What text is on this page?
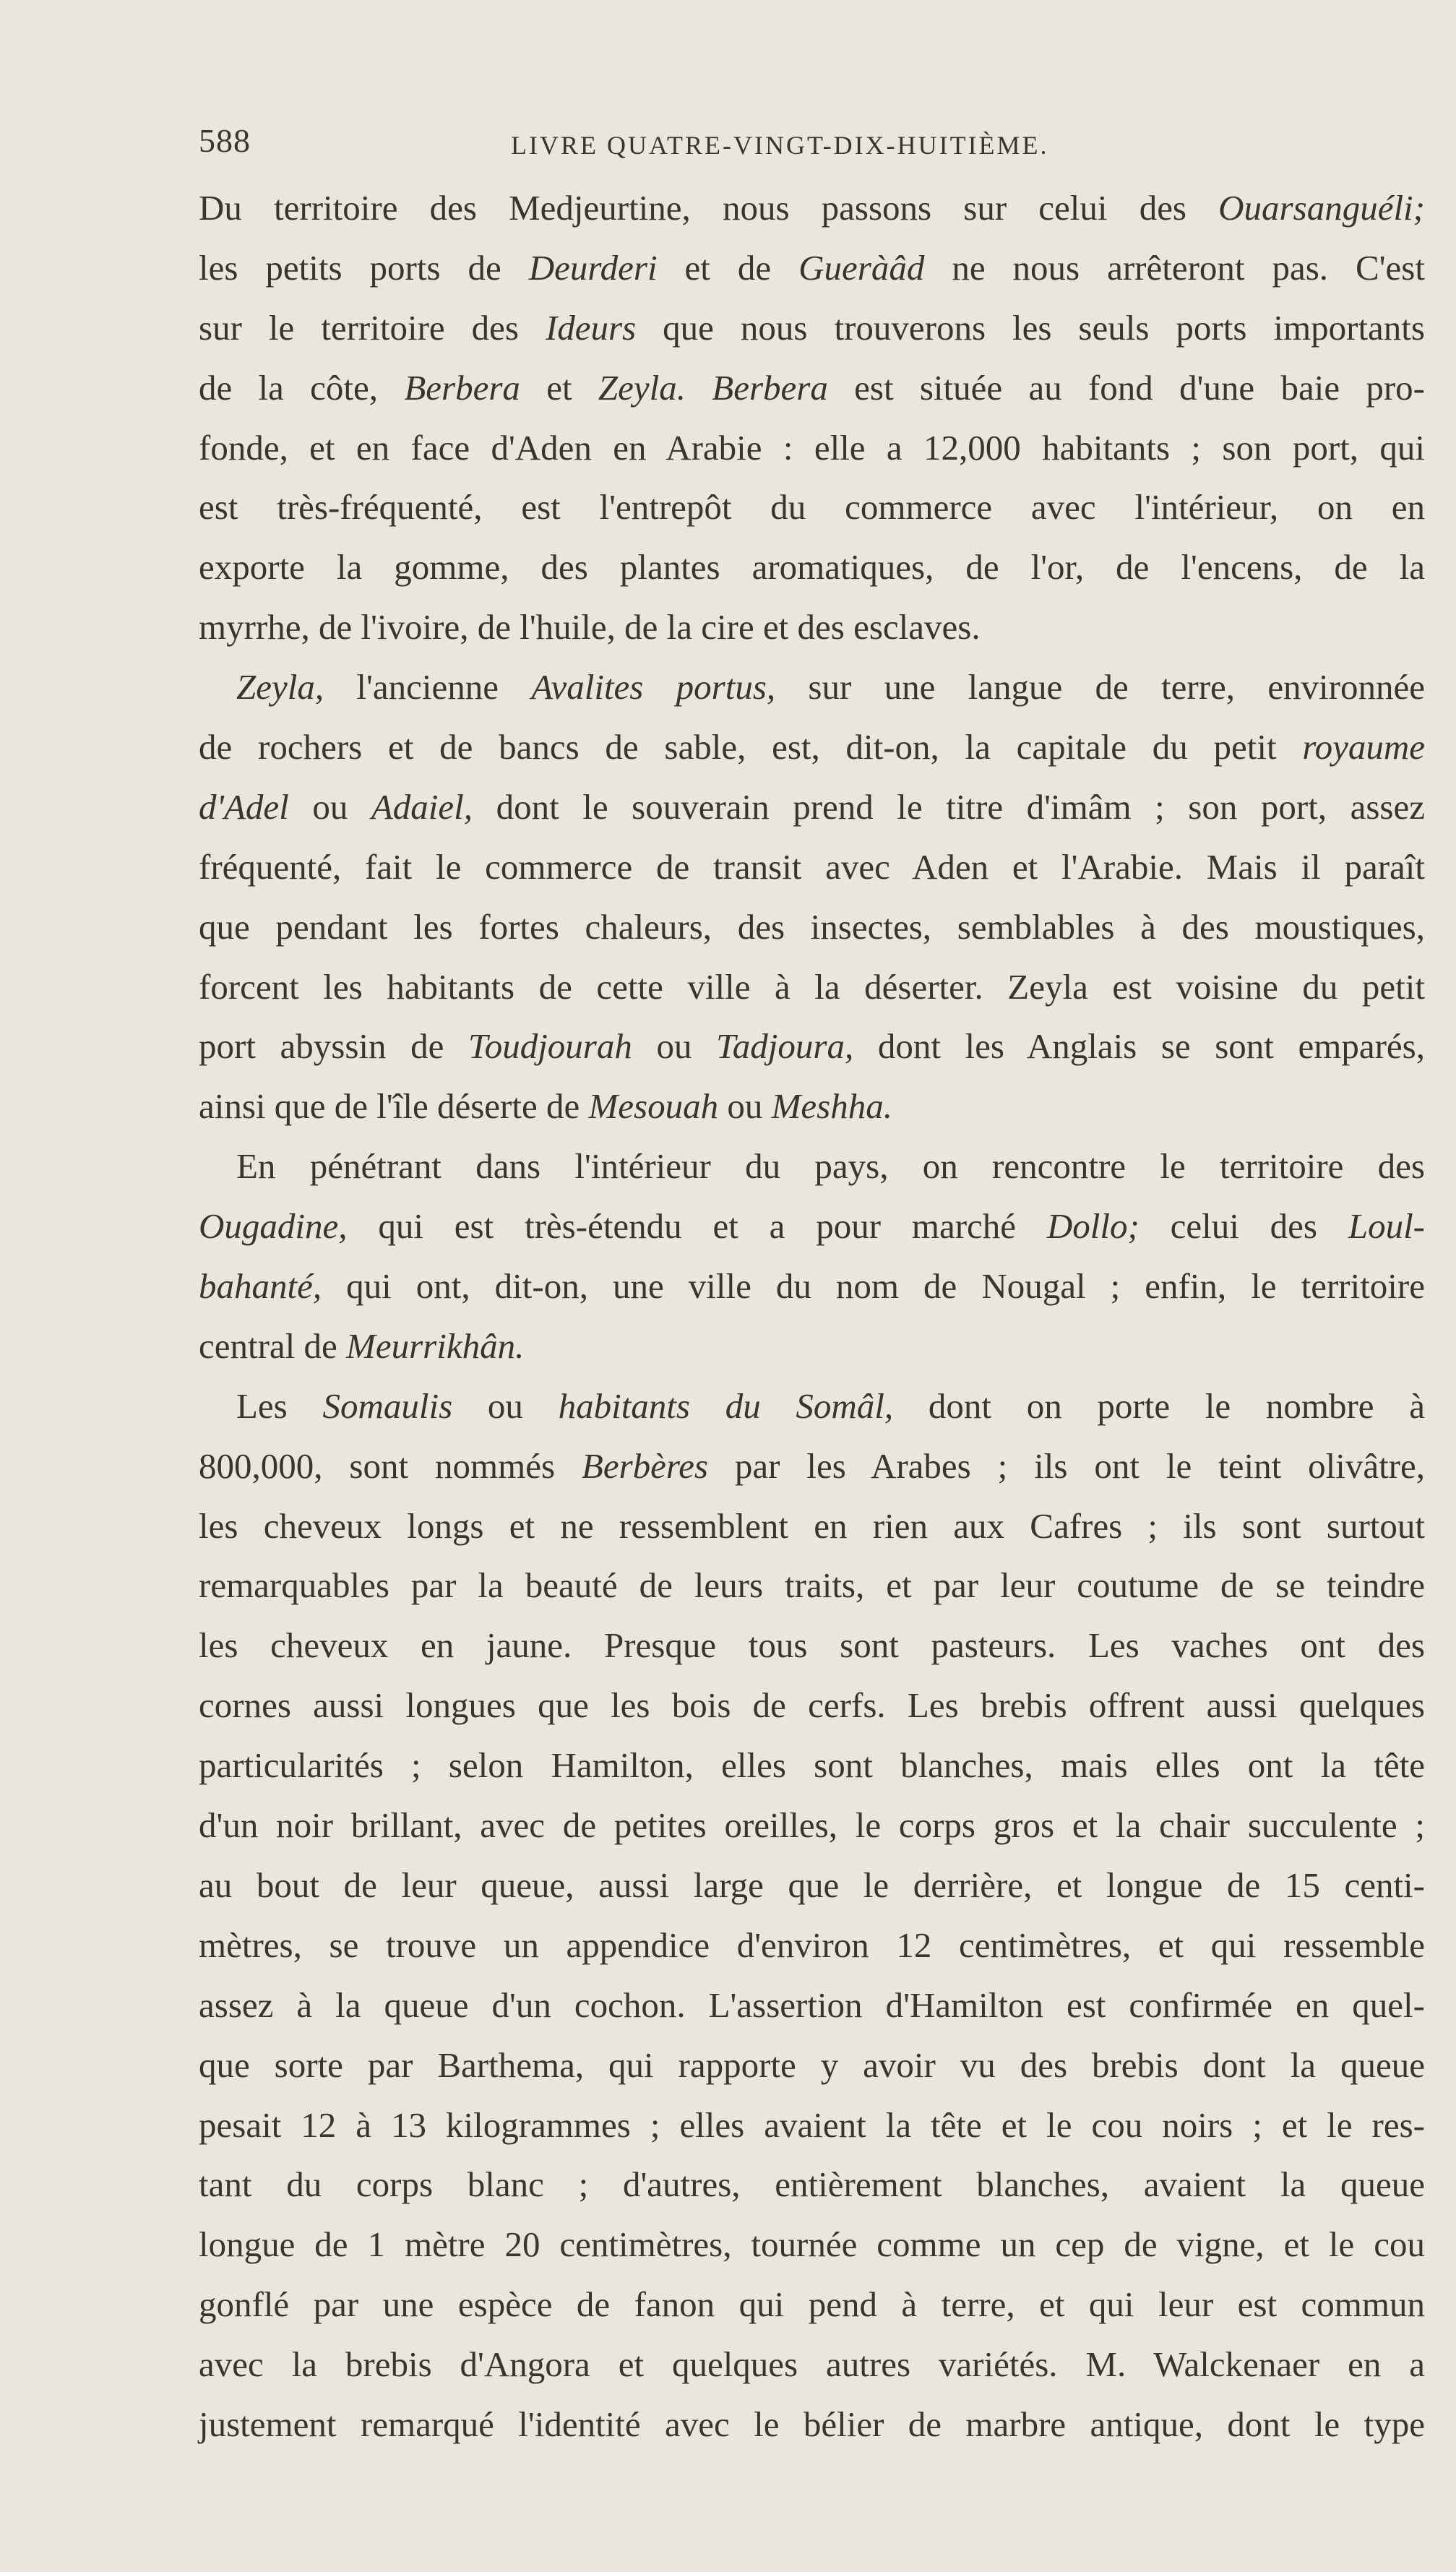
588	LIVRE QUATRE-VINGT-DIX-HUITIÈME.
Du territoire des Medjeurtine, nous passons sur celui des Ouarsanguéli;
les petits ports de Deurderi et de Gueràâd ne nous arrêteront pas. C'est
sur le territoire des Ideurs que nous trouverons les seuls ports importants
de la côte, Berbera et Zeyla. Berbera est située au fond d'une baie pro-
fonde, et en face d'Aden en Arabie : elle a 12,000 habitants ; son port, qui
est très-fréquenté, est l'entrepôt du commerce avec l'intérieur, on en
exporte la gomme, des plantes aromatiques, de l'or, de l'encens, de la
myrrhe, de l'ivoire, de l'huile, de la cire et des esclaves.
Zeyla, l'ancienne Avalites portus, sur une langue de terre, environnée
de rochers et de bancs de sable, est, dit-on, la capitale du petit royaume
d'Adel ou Adaiel, dont le souverain prend le titre d'imâm ; son port, assez
fréquenté, fait le commerce de transit avec Aden et l'Arabie. Mais il paraît
que pendant les fortes chaleurs, des insectes, semblables à des moustiques,
forcent les habitants de cette ville à la déserter. Zeyla est voisine du petit
port abyssin de Toudjourah ou Tadjoura, dont les Anglais se sont emparés,
ainsi que de l'île déserte de Mesouah ou Meshha.
En pénétrant dans l'intérieur du pays, on rencontre le territoire des
Ougadine, qui est très-étendu et a pour marché Dollo; celui des Loul-
bahanté, qui ont, dit-on, une ville du nom de Nougal ; enfin, le territoire
central de Meurrikhân.
Les Somaulis ou habitants du Somâl, dont on porte le nombre à
800,000, sont nommés Berbères par les Arabes ; ils ont le teint olivâtre,
les cheveux longs et ne ressemblent en rien aux Cafres ; ils sont surtout
remarquables par la beauté de leurs traits, et par leur coutume de se teindre
les cheveux en jaune. Presque tous sont pasteurs. Les vaches ont des
cornes aussi longues que les bois de cerfs. Les brebis offrent aussi quelques
particularités ; selon Hamilton, elles sont blanches, mais elles ont la tête
d'un noir brillant, avec de petites oreilles, le corps gros et la chair succulente ;
au bout de leur queue, aussi large que le derrière, et longue de 15 centi-
mètres, se trouve un appendice d'environ 12 centimètres, et qui ressemble
assez à la queue d'un cochon. L'assertion d'Hamilton est confirmée en quel-
que sorte par Barthema, qui rapporte y avoir vu des brebis dont la queue
pesait 12 à 13 kilogrammes ; elles avaient la tête et le cou noirs ; et le res-
tant du corps blanc ; d'autres, entièrement blanches, avaient la queue
longue de 1 mètre 20 centimètres, tournée comme un cep de vigne, et le cou
gonflé par une espèce de fanon qui pend à terre, et qui leur est commun
avec la brebis d'Angora et quelques autres variétés. M. Walckenaer en a
justement remarqué l'identité avec le bélier de marbre antique, dont le type
